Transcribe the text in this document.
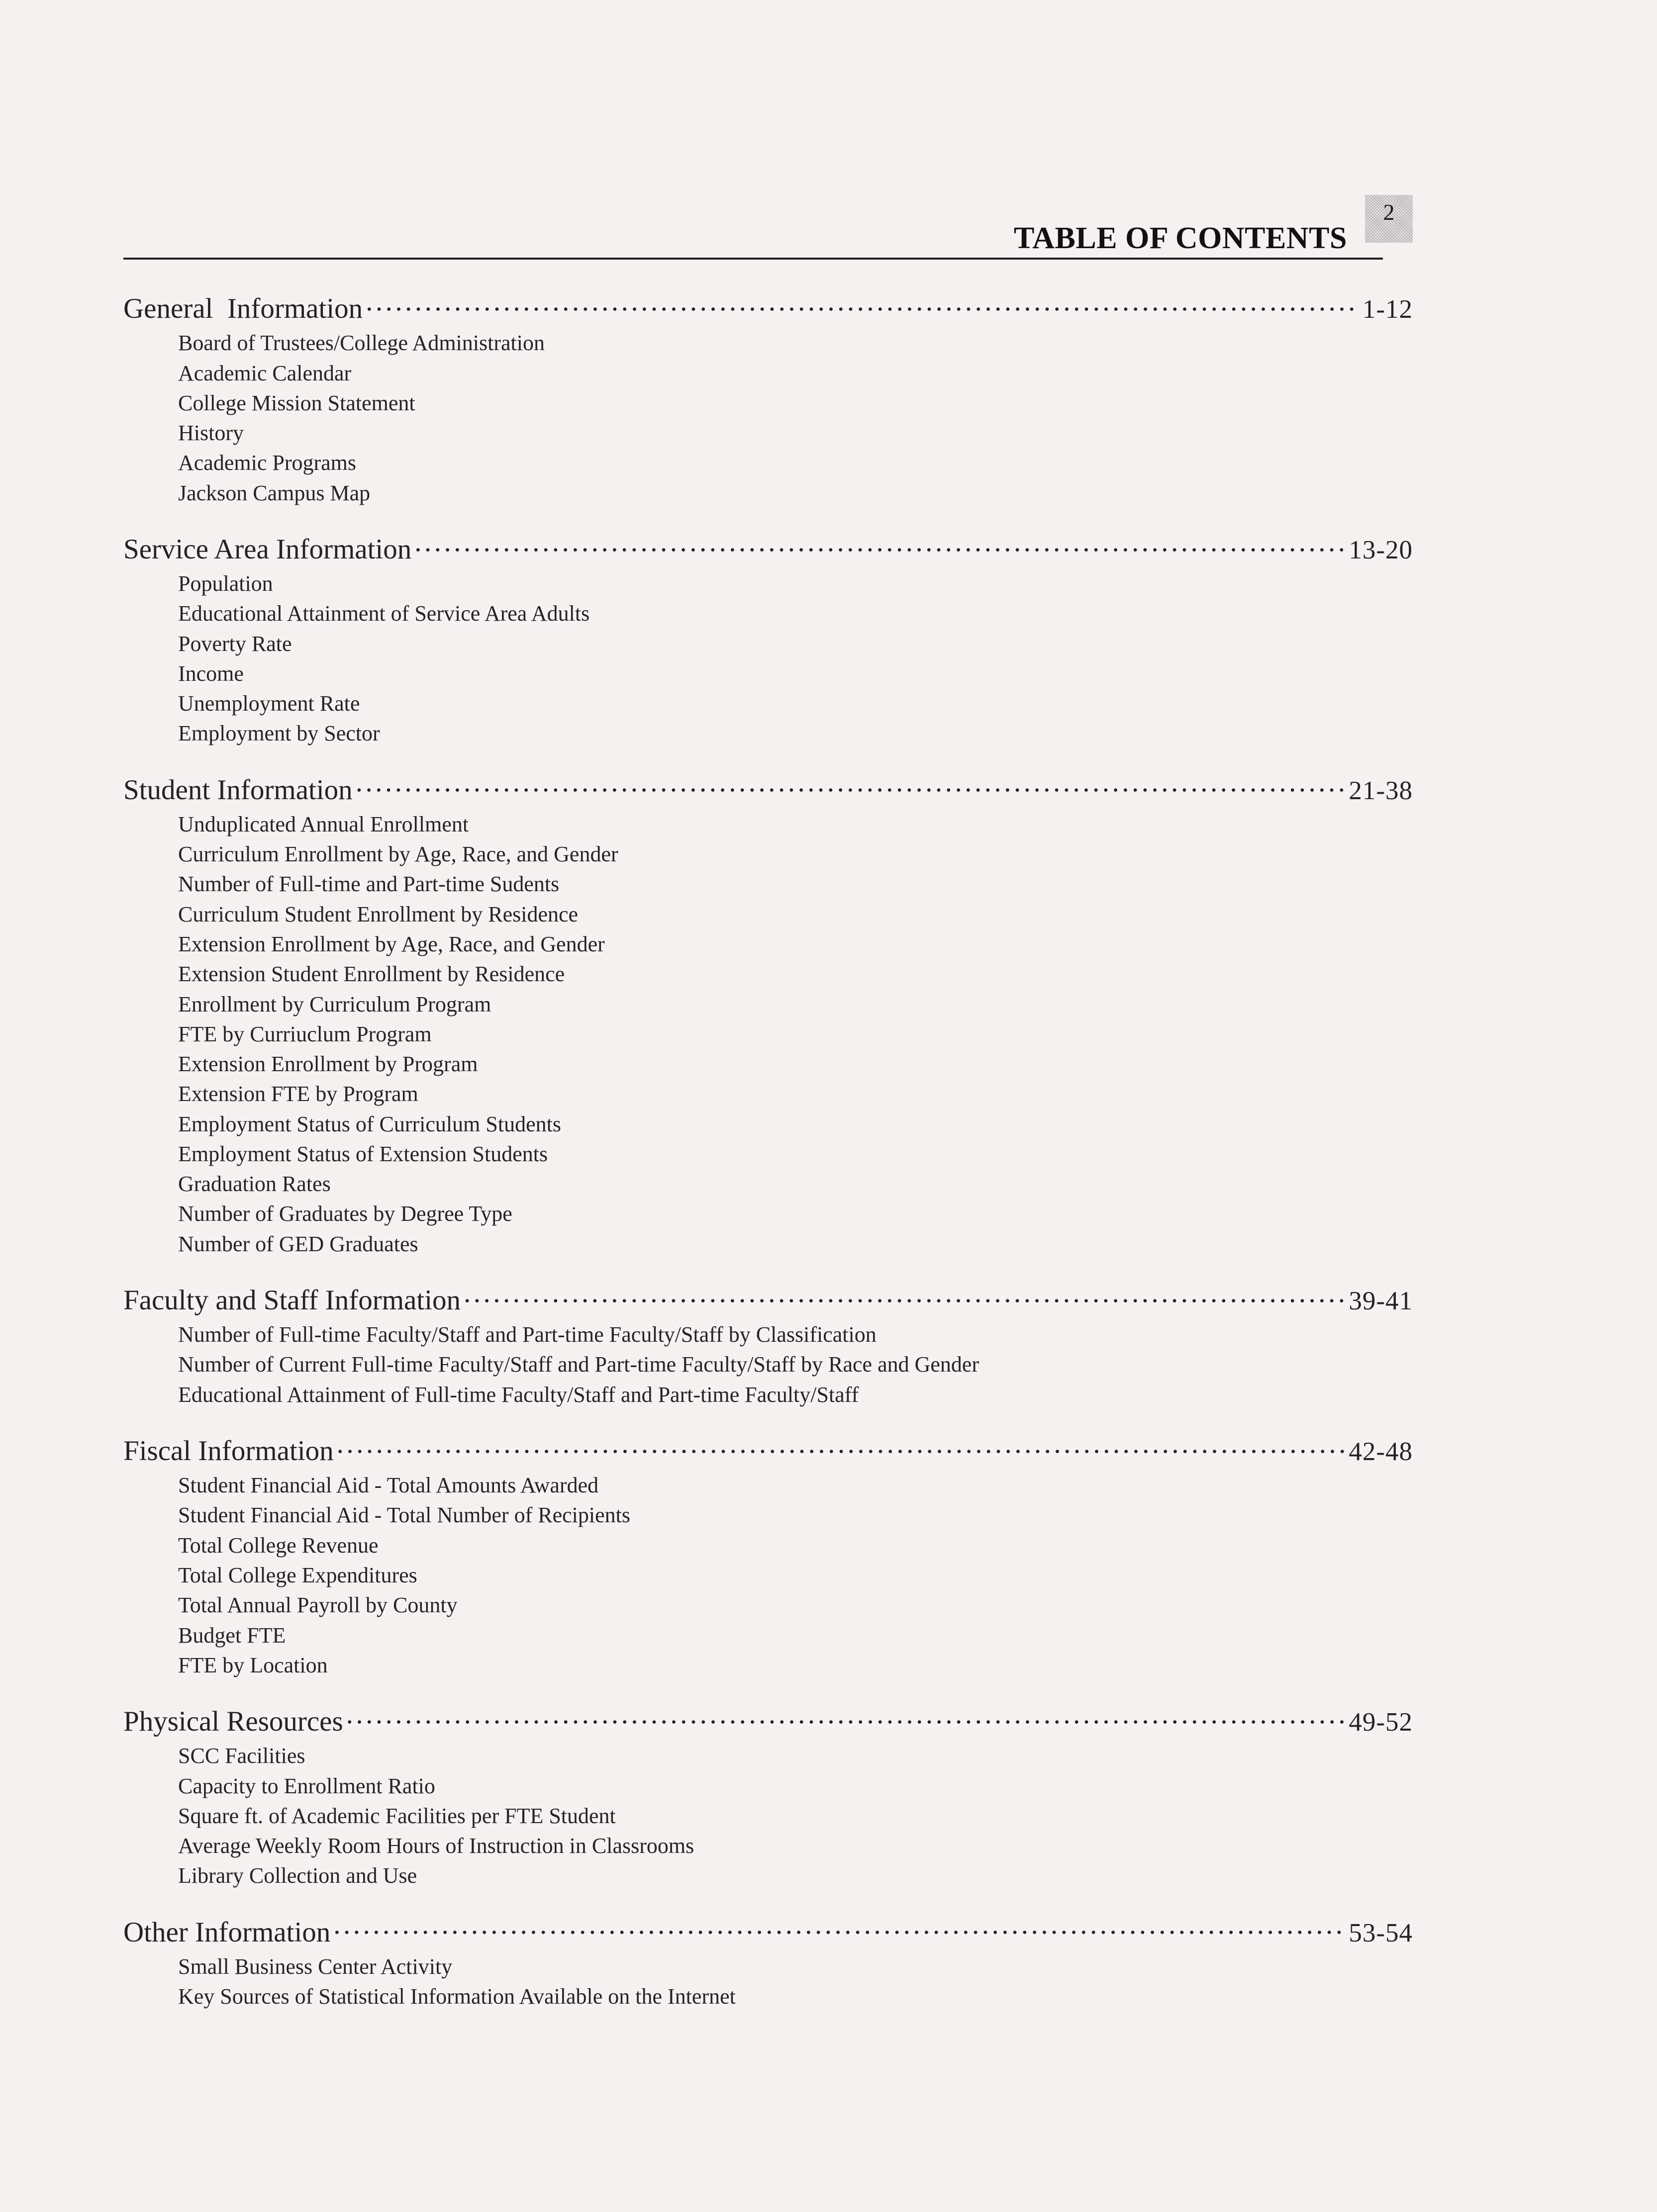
TABLE OF CONTENTS
2
General  Information .....	1-12
Board of Trustees/College Administration
Academic Calendar
College Mission Statement
History
Academic Programs
Jackson Campus Map
Service Area Information .....	13-20
Population
Educational Attainment of Service Area Adults
Poverty Rate
Income
Unemployment Rate
Employment by Sector
Student Information .....	21-38
Unduplicated Annual Enrollment
Curriculum Enrollment by Age, Race, and Gender
Number of Full-time and Part-time Sudents
Curriculum Student Enrollment by Residence
Extension Enrollment by Age, Race, and Gender
Extension Student Enrollment by Residence
Enrollment by Curriculum Program
FTE by Curriuclum Program
Extension Enrollment by Program
Extension FTE by Program
Employment Status of Curriculum Students
Employment Status of Extension Students
Graduation Rates
Number of Graduates by Degree Type
Number of GED Graduates
Faculty and Staff Information .....	39-41
Number of Full-time Faculty/Staff and Part-time Faculty/Staff by Classification
Number of Current Full-time Faculty/Staff and Part-time Faculty/Staff by Race and Gender
Educational Attainment of Full-time Faculty/Staff and Part-time Faculty/Staff
Fiscal Information .....	42-48
Student Financial Aid - Total Amounts Awarded
Student Financial Aid - Total Number of Recipients
Total College Revenue
Total College Expenditures
Total Annual Payroll by County
Budget FTE
FTE by Location
Physical Resources .....	49-52
SCC Facilities
Capacity to Enrollment Ratio
Square ft. of Academic Facilities per FTE Student
Average Weekly Room Hours of Instruction in Classrooms
Library Collection and Use
Other Information .....	53-54
Small Business Center Activity
Key Sources of Statistical Information Available on the Internet
